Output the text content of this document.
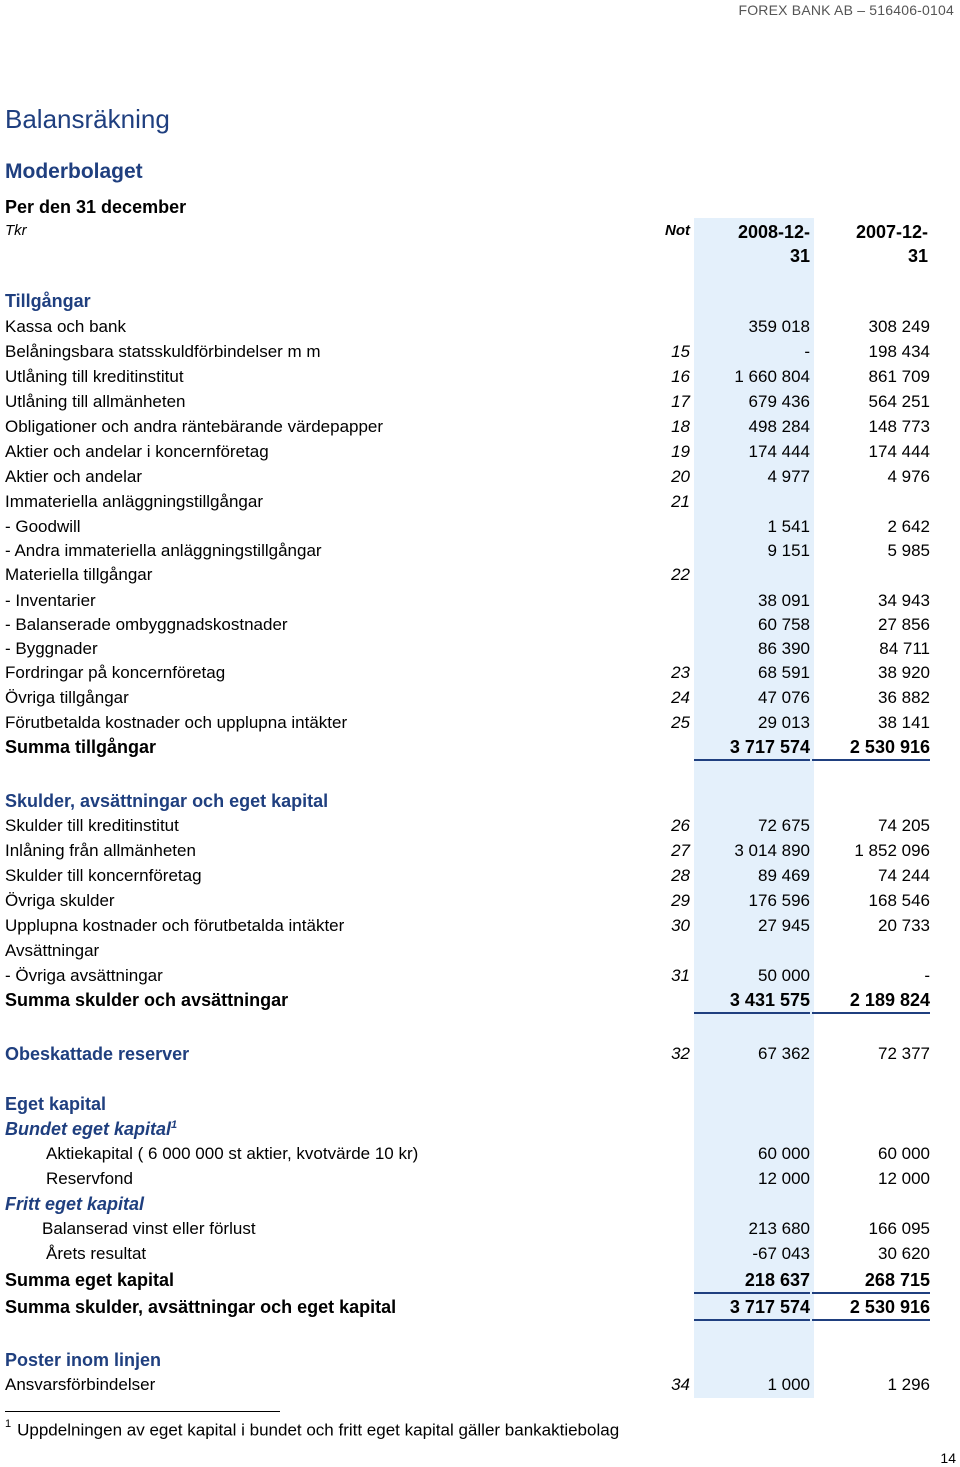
FOREX BANK AB – 516406-0104
Balansräkning
Moderbolaget
Per den 31 december
Tkr	Not	2008-12-
31
2007-12-
31
Tillgångar
Kassa och bank	359 018	308 249
Belåningsbara statsskuldförbindelser m m	15	-	198 434
Utlåning till kreditinstitut	16	1 660 804	861 709
Utlåning till allmänheten	17	679 436	564 251
Obligationer och andra räntebärande värdepapper	18	498 284	148 773
Aktier och andelar i koncernföretag	19	174 444	174 444
Aktier och andelar	20	4 977	4 976
Immateriella anläggningstillgångar	21
- Goodwill	1 541	2 642
- Andra immateriella anläggningstillgångar	9 151	5 985
Materiella tillgångar	22
- Inventarier	38 091	34 943
- Balanserade ombyggnadskostnader	60 758	27 856
- Byggnader	86 390	84 711
Fordringar på koncernföretag	23	68 591	38 920
Övriga tillgångar	24	47 076	36 882
Förutbetalda kostnader och upplupna intäkter	25	29 013	38 141
Summa tillgångar	3 717 574	2 530 916
Skulder, avsättningar och eget kapital
Skulder till kreditinstitut	26	72 675	74 205
Inlåning från allmänheten	27	3 014 890	1 852 096
Skulder till koncernföretag	28	89 469	74 244
Övriga skulder	29	176 596	168 546
Upplupna kostnader och förutbetalda intäkter	30	27 945	20 733
Avsättningar
- Övriga avsättningar	31	50 000	-
Summa skulder och avsättningar	3 431 575	2 189 824
Obeskattade reserver	32	67 362	72 377
Eget kapital
Bundet eget kapital$^1$
Aktiekapital ( 6 000 000 st aktier, kvotvärde 10 kr)	60 000	60 000
Reservfond	12 000	12 000
Fritt eget kapital
Balanserad vinst eller förlust	213 680	166 095
Årets resultat	-67 043	30 620
Summa eget kapital	218 637	268 715
Summa skulder, avsättningar och eget kapital	3 717 574	2 530 916
Poster inom linjen
Ansvarsförbindelser	34	1 000	1 296
$^1$ Uppdelningen av eget kapital i bundet och fritt eget kapital gäller bankaktiebolag
14
